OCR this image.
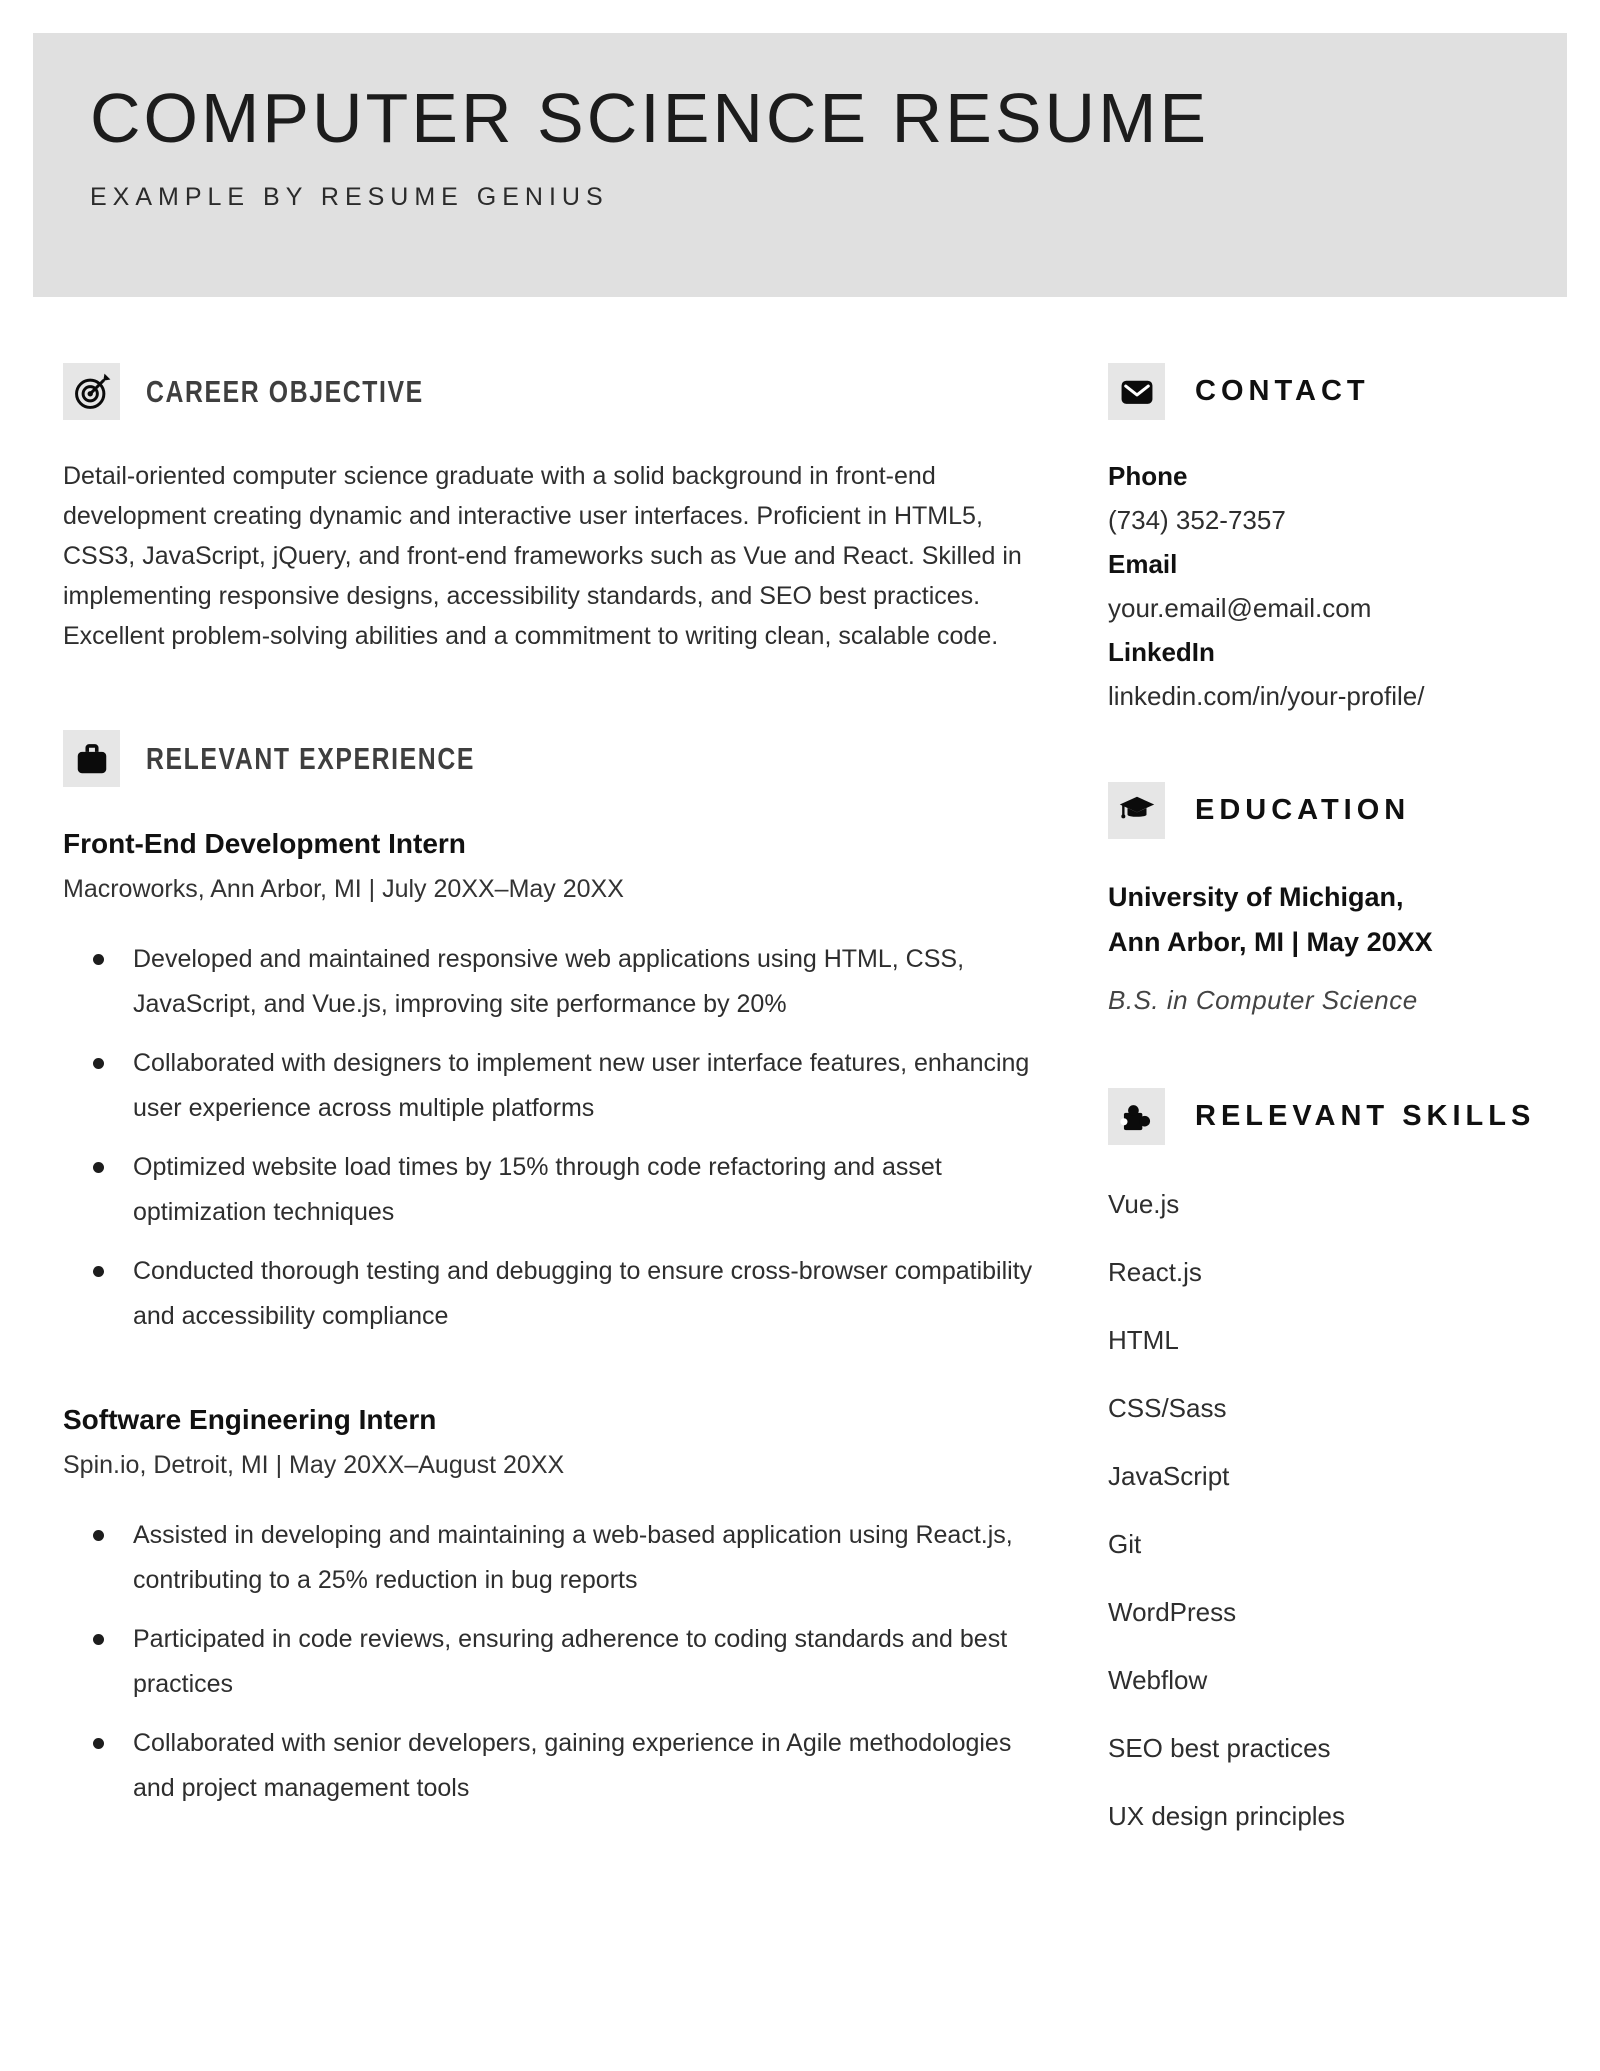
COMPUTER SCIENCE RESUME
EXAMPLE BY RESUME GENIUS
CAREER OBJECTIVE

Detail-oriented computer science graduate with a solid background in front-end development creating dynamic and interactive user interfaces. Proficient in HTML5, CSS3, JavaScript, jQuery, and front-end frameworks such as Vue and React. Skilled in implementing responsive designs, accessibility standards, and SEO best practices. Excellent problem-solving abilities and a commitment to writing clean, scalable code.

RELEVANT EXPERIENCE
Front-End Development Intern
Macroworks, Ann Arbor, MI | July 20XX–May 20XX
Developed and maintained responsive web applications using HTML, CSS, JavaScript, and Vue.js, improving site performance by 20%
Collaborated with designers to implement new user interface features, enhancing user experience across multiple platforms
Optimized website load times by 15% through code refactoring and asset optimization techniques
Conducted thorough testing and debugging to ensure cross-browser compatibility and accessibility compliance
Software Engineering Intern
Spin.io, Detroit, MI | May 20XX–August 20XX
Assisted in developing and maintaining a web-based application using React.js, contributing to a 25% reduction in bug reports
Participated in code reviews, ensuring adherence to coding standards and best practices
Collaborated with senior developers, gaining experience in Agile methodologies and project management tools
CONTACT
Phone
(734) 352-7357
Email
your.email@email.com
LinkedIn
linkedin.com/in/your-profile/
EDUCATION
University of Michigan,
Ann Arbor, MI | May 20XX
B.S. in Computer Science
RELEVANT SKILLS
Vue.js
React.js
HTML
CSS/Sass
JavaScript
Git
WordPress
Webflow
SEO best practices
UX design principles
